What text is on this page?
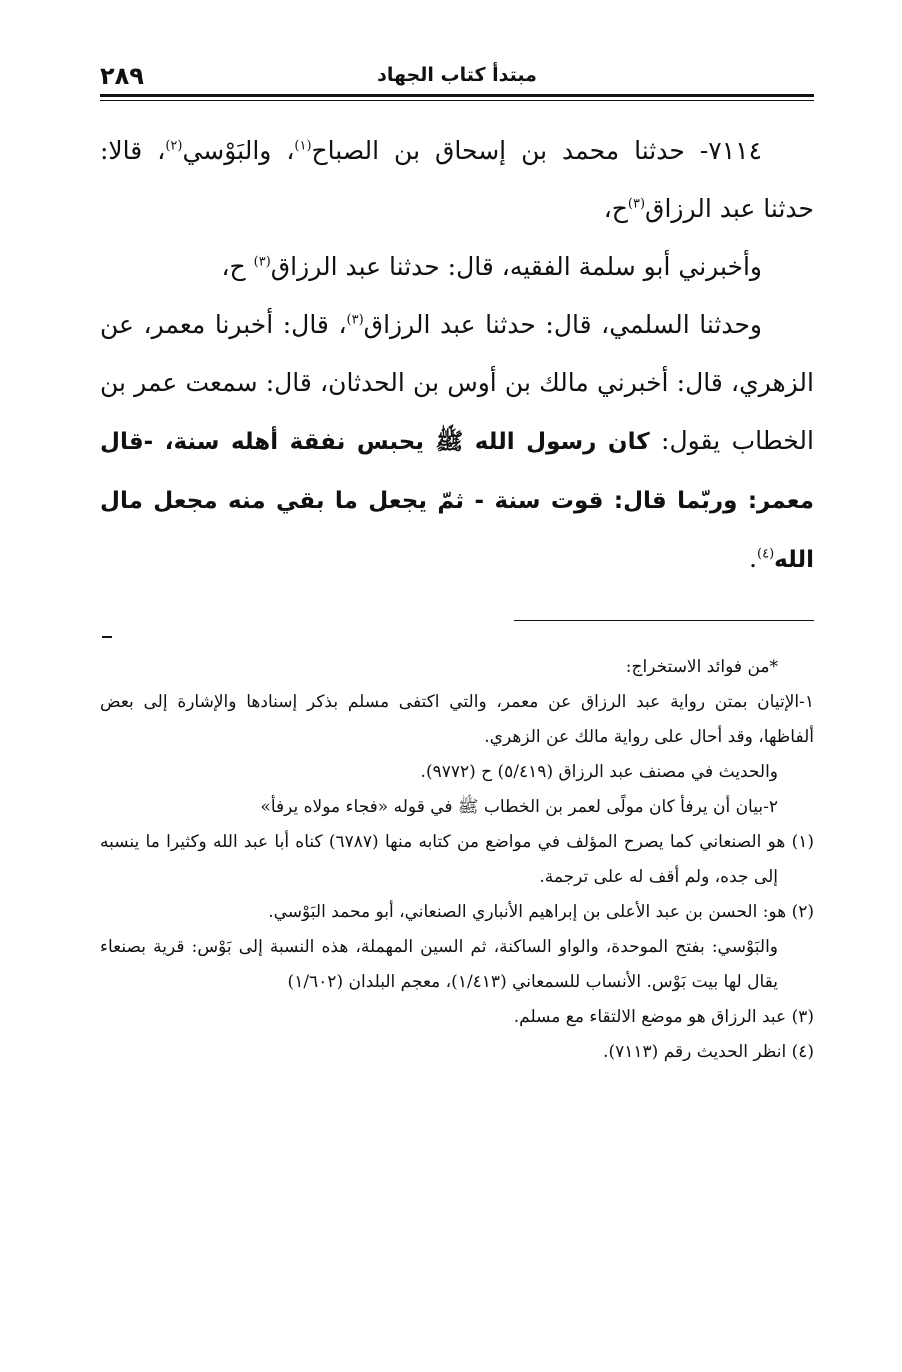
٢٨٩	مبتدأ كتاب الجهاد

٧١١٤- حدثنا محمد بن إسحاق بن الصباح$^{(١)}$، والبَوْسي$^{(٢)}$، قالا: حدثنا عبد الرزاق$^{(٣)}$ح،

وأخبرني أبو سلمة الفقيه، قال: حدثنا عبد الرزاق$^{(٣)}$ ح،

وحدثنا السلمي، قال: حدثنا عبد الرزاق$^{(٣)}$، قال: أخبرنا معمر، عن الزهري، قال: أخبرني مالك بن أوس بن الحدثان، قال: سمعت عمر بن الخطاب يقول: كان رسول الله ﷺ يحبس نفقة أهله سنة، -قال معمر: وربّما قال: قوت سنة - ثمّ يجعل ما بقي منه مجعل مال الله$^{(٤)}$.

*من فوائد الاستخراج:

١-الإتيان بمتن رواية عبد الرزاق عن معمر، والتي اكتفى مسلم بذكر إسنادها والإشارة إلى بعض ألفاظها، وقد أحال على رواية مالك عن الزهري.

والحديث في مصنف عبد الرزاق (٥/٤١٩) ح (٩٧٧٢).

٢-بيان أن يرفأ كان مولًى لعمر بن الخطاب ﷺ في قوله «فجاء مولاه يرفأ»

(١) هو الصنعاني كما يصرح المؤلف في مواضع من كتابه منها (٦٧٨٧) كناه أبا عبد الله وكثيرا ما ينسبه إلى جده، ولم أقف له على ترجمة.

(٢) هو: الحسن بن عبد الأعلى بن إبراهيم الأنباري الصنعاني، أبو محمد البَوْسي.

والبَوْسي: بفتح الموحدة، والواو الساكنة، ثم السين المهملة، هذه النسبة إلى بَوْس: قرية بصنعاء يقال لها بيت بَوْس. الأنساب للسمعاني (١/٤١٣)، معجم البلدان (١/٦٠٢)

(٣) عبد الرزاق هو موضع الالتقاء مع مسلم.

(٤) انظر الحديث رقم (٧١١٣).
